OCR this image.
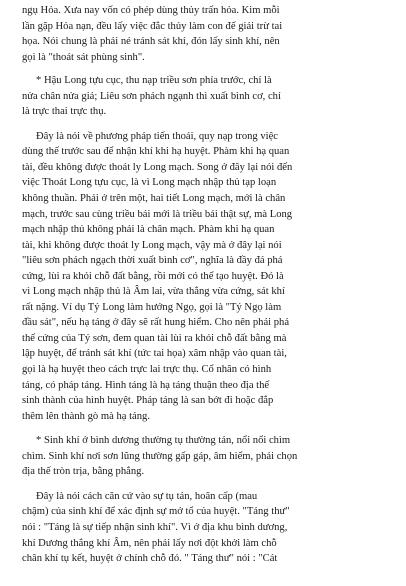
ngụ Hỏa. Xưa nay vốn có phép dùng thủy trấn hỏa. Kim mỗi
lần gặp Hỏa nạn, đều lấy việc đắc thủy làm con đế giải trừ tai
họa. Nói chung là phải né tránh sát khí, đón lấy sinh khí, nên
gọi là "thoát sát phùng sinh".

* Hậu Long tựu cục, thu nạp triều sơn phía trước, chỉ là
nửa chân nửa giả; Liêu sơn phách ngạnh thì xuất bình cơ, chỉ
là trực thai trực thụ.

Đây là nói về phương pháp tiến thoái, quy nạp trong việc
dùng thế trước sau để nhận khí khi hạ huyệt. Phàm khi hạ quan
tài, đều không được thoát ly Long mạch. Song ở đây lại nói đến
việc Thoát Long tựu cục, là vì Long mạch nhập thủ tạp loạn
không thuần. Phải ở trên một, hai tiết Long mạch, mới là chân
mạch, trước sau cùng triều bái mới là triều bái thật sự, mà Long
mạch nhập thủ không phải là chân mạch. Phàm khi hạ quan
tài, khi không được thoát ly Long mạch, vậy mà ở đây lại nói
"liêu sơn phách ngạch thời xuất bình cơ", nghĩa là đầy đá phá
cứng, lùi ra khỏi chỗ đất bằng, rồi mới có thể tạo huyệt. Đó là
vì Long mạch nhập thủ là Âm lai, vừa thẳng vừa cứng, sát khí
rất nặng. Ví dụ Tý Long làm hướng Ngọ, gọi là "Tý Ngọ làm
đầu sát", nếu hạ táng ở đây sẽ rất hung hiểm. Cho nên phải phá
thế cứng của Tý sơn, đem quan tài lùi ra khỏi chỗ đất bằng mà
lập huyệt, để tránh sát khí (tức tai họa) xâm nhập vào quan tài,
gọi là hạ huyệt theo cách trực lai trực thụ. Cổ nhân có hình
táng, có pháp táng. Hình táng là hạ táng thuận theo địa thế
sinh thành của hình huyệt. Pháp táng là san bớt đi hoặc đắp
thêm lên thành gò mà hạ táng.

* Sinh khí ở bình dương thường tụ thường tán, nổi nổi chìm
chìm. Sinh khí nơi sơn lũng thường gấp gáp, âm hiểm, phải chọn
địa thế tròn trịa, bằng phẳng.

Đây là nói cách căn cứ vào sự tụ tán, hoãn cấp (mau
chậm) của sinh khí để xác định sự mở tổ của huyệt. "Táng thư"
nói : "Táng là sự tiếp nhận sinh khí". Vì ở địa khu bình dương,
khí Dương thắng khí Âm, nên phải lấy nơi đột khởi làm chỗ
chân khí tụ kết, huyệt ở chính chỗ đó. " Táng thư" nói : "Cát
